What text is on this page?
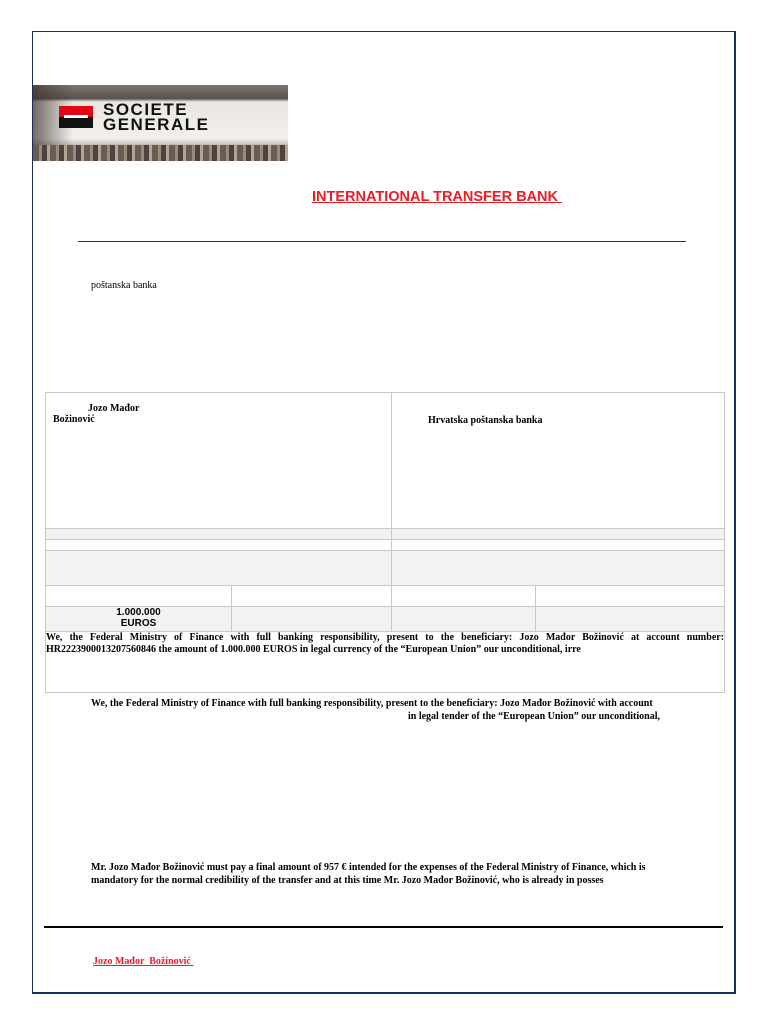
SOCIETE
GENERALE
INTERNATIONAL TRANSFER BANK
poštanska banka
Jozo Mađor
Božinović		Hrvatska poštanska banka	

1.000.000
EUROS			

We, the Federal Ministry of Finance with full banking responsibility, present to the beneficiary: Jozo Mađor Božinović at account number: HR2223900013207560846 the amount of 1.000.000 EUROS in legal currency of the “European Union” our unconditional, irre			
We, the Federal Ministry of Finance with full banking responsibility, present to the beneficiary: Jozo Mađor Božinović with account
in legal tender of the “European Union” our unconditional,
Mr. Jozo Mađor Božinović must pay a final amount of 957 € intended for the expenses of the Federal Ministry of Finance, which is mandatory for the normal credibility of the transfer and at this time Mr. Jozo Mađor Božinović, who is already in posses
Jozo Mađor  Božinović
